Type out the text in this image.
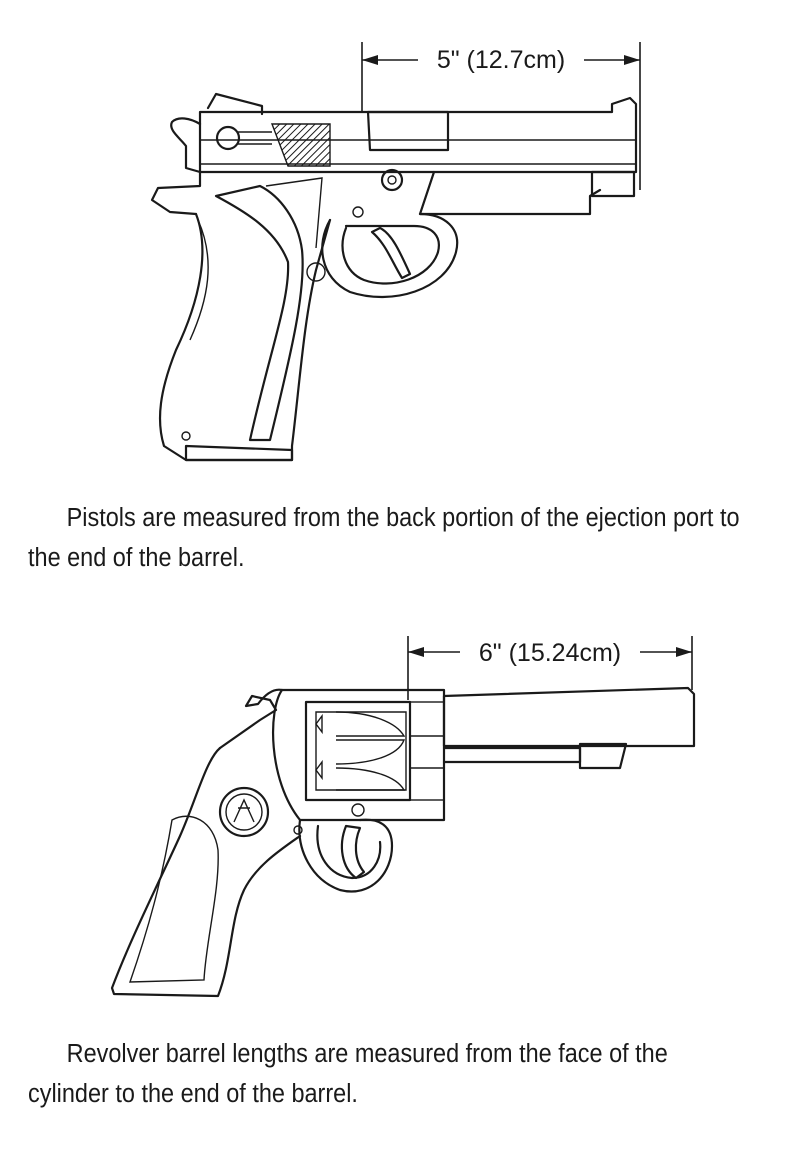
5" (12.7cm)

Pistols are measured from the back portion of the ejection port to the end of the barrel.

6" (15.24cm)

Revolver barrel lengths are measured from the face of the cylinder to the end of the barrel.
